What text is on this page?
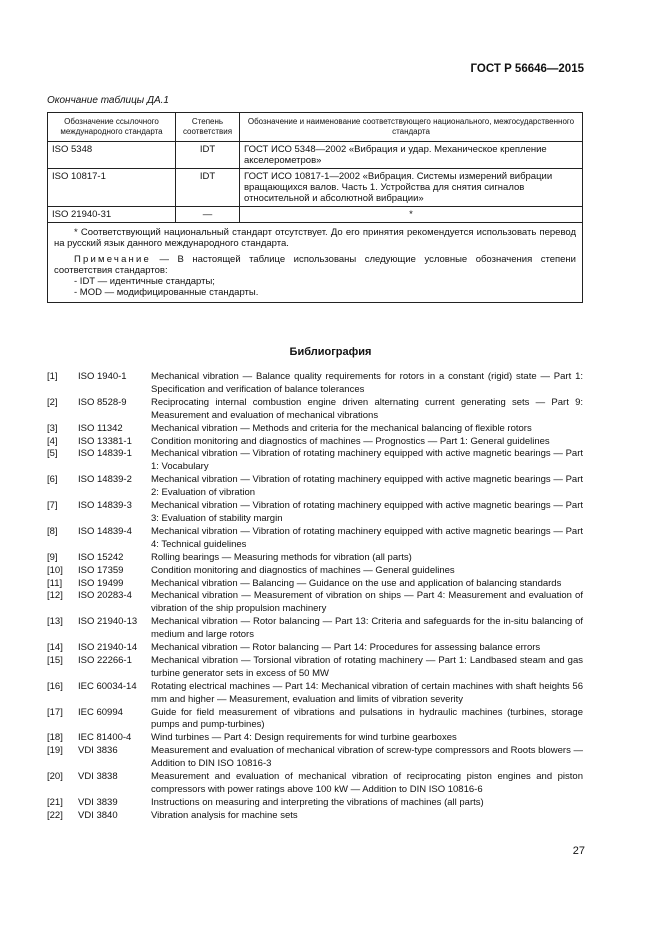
ГОСТ Р 56646—2015
Окончание таблицы ДА.1
Обозначение ссылочного международного стандарта	Степень соответствия	Обозначение и наименование соответствующего национального, межгосударственного стандарта
ISO 5348	IDT	ГОСТ ИСО 5348—2002 «Вибрация и удар. Механическое крепление акселерометров»
ISO 10817-1	IDT	ГОСТ ИСО 10817-1—2002 «Вибрация. Системы измерений вибрации вращающихся валов. Часть 1. Устройства для снятия сигналов относительной и абсолютной вибрации»
ISO 21940-31	—	*

* Соответствующий национальный стандарт отсутствует. До его принятия рекомендуется использовать перевод на русский язык данного международного стандарта.

Примечание — В настоящей таблице использованы следующие условные обозначения степени соответствия стандартов:

- IDT — идентичные стандарты;

- MOD — модифицированные стандарты.		

Библиография
[1]	ISO 1940-1	Mechanical vibration — Balance quality requirements for rotors in a constant (rigid) state — Part 1: Specification and verification of balance tolerances
[2]	ISO 8528-9	Reciprocating internal combustion engine driven alternating current generating sets — Part 9: Measurement and evaluation of mechanical vibrations
[3]	ISO 11342	Mechanical vibration — Methods and criteria for the mechanical balancing of flexible rotors
[4]	ISO 13381-1	Condition monitoring and diagnostics of machines — Prognostics — Part 1: General guidelines
[5]	ISO 14839-1	Mechanical vibration — Vibration of rotating machinery equipped with active magnetic bearings — Part 1: Vocabulary
[6]	ISO 14839-2	Mechanical vibration — Vibration of rotating machinery equipped with active magnetic bearings — Part 2: Evaluation of vibration
[7]	ISO 14839-3	Mechanical vibration — Vibration of rotating machinery equipped with active magnetic bearings — Part 3: Evaluation of stability margin
[8]	ISO 14839-4	Mechanical vibration — Vibration of rotating machinery equipped with active magnetic bearings — Part 4: Technical guidelines
[9]	ISO 15242	Rolling bearings — Measuring methods for vibration (all parts)
[10]	ISO 17359	Condition monitoring and diagnostics of machines — General guidelines
[11]	ISO 19499	Mechanical vibration — Balancing — Guidance on the use and application of balancing standards
[12]	ISO 20283-4	Mechanical vibration — Measurement of vibration on ships — Part 4: Measurement and evaluation of vibration of the ship propulsion machinery
[13]	ISO 21940-13	Mechanical vibration — Rotor balancing — Part 13: Criteria and safeguards for the in-situ balancing of medium and large rotors
[14]	ISO 21940-14	Mechanical vibration — Rotor balancing — Part 14: Procedures for assessing balance errors
[15]	ISO 22266-1	Mechanical vibration — Torsional vibration of rotating machinery — Part 1: Landbased steam and gas turbine generator sets in excess of 50 MW
[16]	IEC 60034-14	Rotating electrical machines — Part 14: Mechanical vibration of certain machines with shaft heights 56 mm and higher — Measurement, evaluation and limits of vibration severity
[17]	IEC 60994	Guide for field measurement of vibrations and pulsations in hydraulic machines (turbines, storage pumps and pump-turbines)
[18]	IEC 81400-4	Wind turbines — Part 4: Design requirements for wind turbine gearboxes
[19]	VDI 3836	Measurement and evaluation of mechanical vibration of screw-type compressors and Roots blowers — Addition to DIN ISO 10816-3
[20]	VDI 3838	Measurement and evaluation of mechanical vibration of reciprocating piston engines and piston compressors with power ratings above 100 kW — Addition to DIN ISO 10816-6
[21]	VDI 3839	Instructions on measuring and interpreting the vibrations of machines (all parts)
[22]	VDI 3840	Vibration analysis for machine sets
27
